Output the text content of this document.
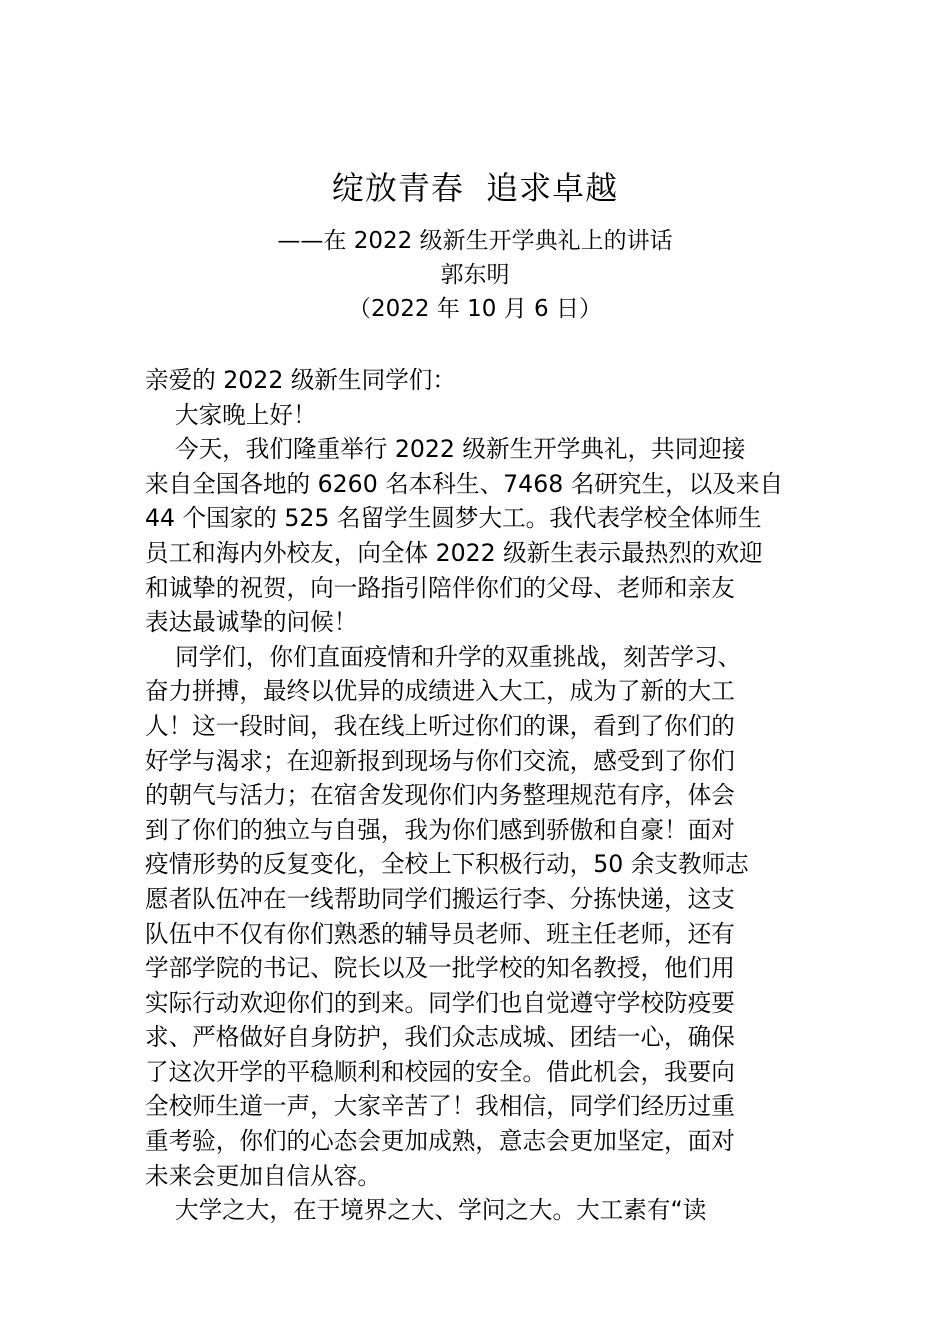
绽放青春  追求卓越
——在 2022 级新生开学典礼上的讲话
郭东明
（2022 年 10 月 6 日）
亲爱的 2022 级新生同学们：
大家晚上好！
今天，我们隆重举行 2022 级新生开学典礼，共同迎接
来自全国各地的 6260 名本科生、7468 名研究生，以及来自
44 个国家的 525 名留学生圆梦大工。我代表学校全体师生
员工和海内外校友，向全体 2022 级新生表示最热烈的欢迎
和诚挚的祝贺，向一路指引陪伴你们的父母、老师和亲友
表达最诚挚的问候！
同学们，你们直面疫情和升学的双重挑战，刻苦学习、
奋力拼搏，最终以优异的成绩进入大工，成为了新的大工
人！这一段时间，我在线上听过你们的课，看到了你们的
好学与渴求；在迎新报到现场与你们交流，感受到了你们
的朝气与活力；在宿舍发现你们内务整理规范有序，体会
到了你们的独立与自强，我为你们感到骄傲和自豪！面对
疫情形势的反复变化，全校上下积极行动，50 余支教师志
愿者队伍冲在一线帮助同学们搬运行李、分拣快递，这支
队伍中不仅有你们熟悉的辅导员老师、班主任老师，还有
学部学院的书记、院长以及一批学校的知名教授，他们用
实际行动欢迎你们的到来。同学们也自觉遵守学校防疫要
求、严格做好自身防护，我们众志成城、团结一心，确保
了这次开学的平稳顺利和校园的安全。借此机会，我要向
全校师生道一声，大家辛苦了！我相信，同学们经历过重
重考验，你们的心态会更加成熟，意志会更加坚定，面对
未来会更加自信从容。
大学之大，在于境界之大、学问之大。大工素有“读
